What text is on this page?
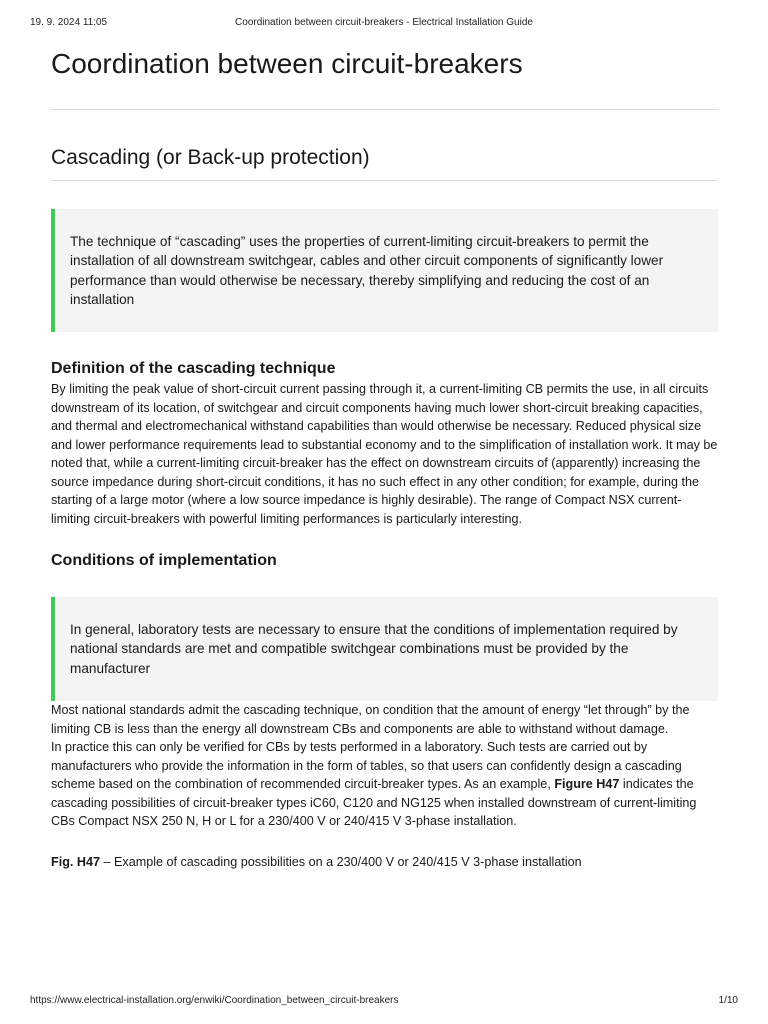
19. 9. 2024 11:05	Coordination between circuit-breakers - Electrical Installation Guide
Coordination between circuit-breakers
Cascading (or Back-up protection)

The technique of “cascading” uses the properties of current-limiting circuit-breakers to permit the installation of all downstream switchgear, cables and other circuit components of significantly lower performance than would otherwise be necessary, thereby simplifying and reducing the cost of an installation

Definition of the cascading technique

By limiting the peak value of short-circuit current passing through it, a current-limiting CB permits the use, in all circuits downstream of its location, of switchgear and circuit components having much lower short-circuit breaking capacities, and thermal and electromechanical withstand capabilities than would otherwise be necessary. Reduced physical size and lower performance requirements lead to substantial economy and to the simplification of installation work. It may be noted that, while a current-limiting circuit-breaker has the effect on downstream circuits of (apparently) increasing the source impedance during short-circuit conditions, it has no such effect in any other condition; for example, during the starting of a large motor (where a low source impedance is highly desirable). The range of Compact NSX current-limiting circuit-breakers with powerful limiting performances is particularly interesting.

Conditions of implementation

In general, laboratory tests are necessary to ensure that the conditions of implementation required by national standards are met and compatible switchgear combinations must be provided by the manufacturer

Most national standards admit the cascading technique, on condition that the amount of energy “let through” by the limiting CB is less than the energy all downstream CBs and components are able to withstand without damage.

In practice this can only be verified for CBs by tests performed in a laboratory. Such tests are carried out by manufacturers who provide the information in the form of tables, so that users can confidently design a cascading scheme based on the combination of recommended circuit-breaker types. As an example, Figure H47 indicates the cascading possibilities of circuit-breaker types iC60, C120 and NG125 when installed downstream of current-limiting CBs Compact NSX 250 N, H or L for a 230/400 V or 240/415 V 3-phase installation.

Fig. H47 – Example of cascading possibilities on a 230/400 V or 240/415 V 3-phase installation
https://www.electrical-installation.org/enwiki/Coordination_between_circuit-breakers	1/10
